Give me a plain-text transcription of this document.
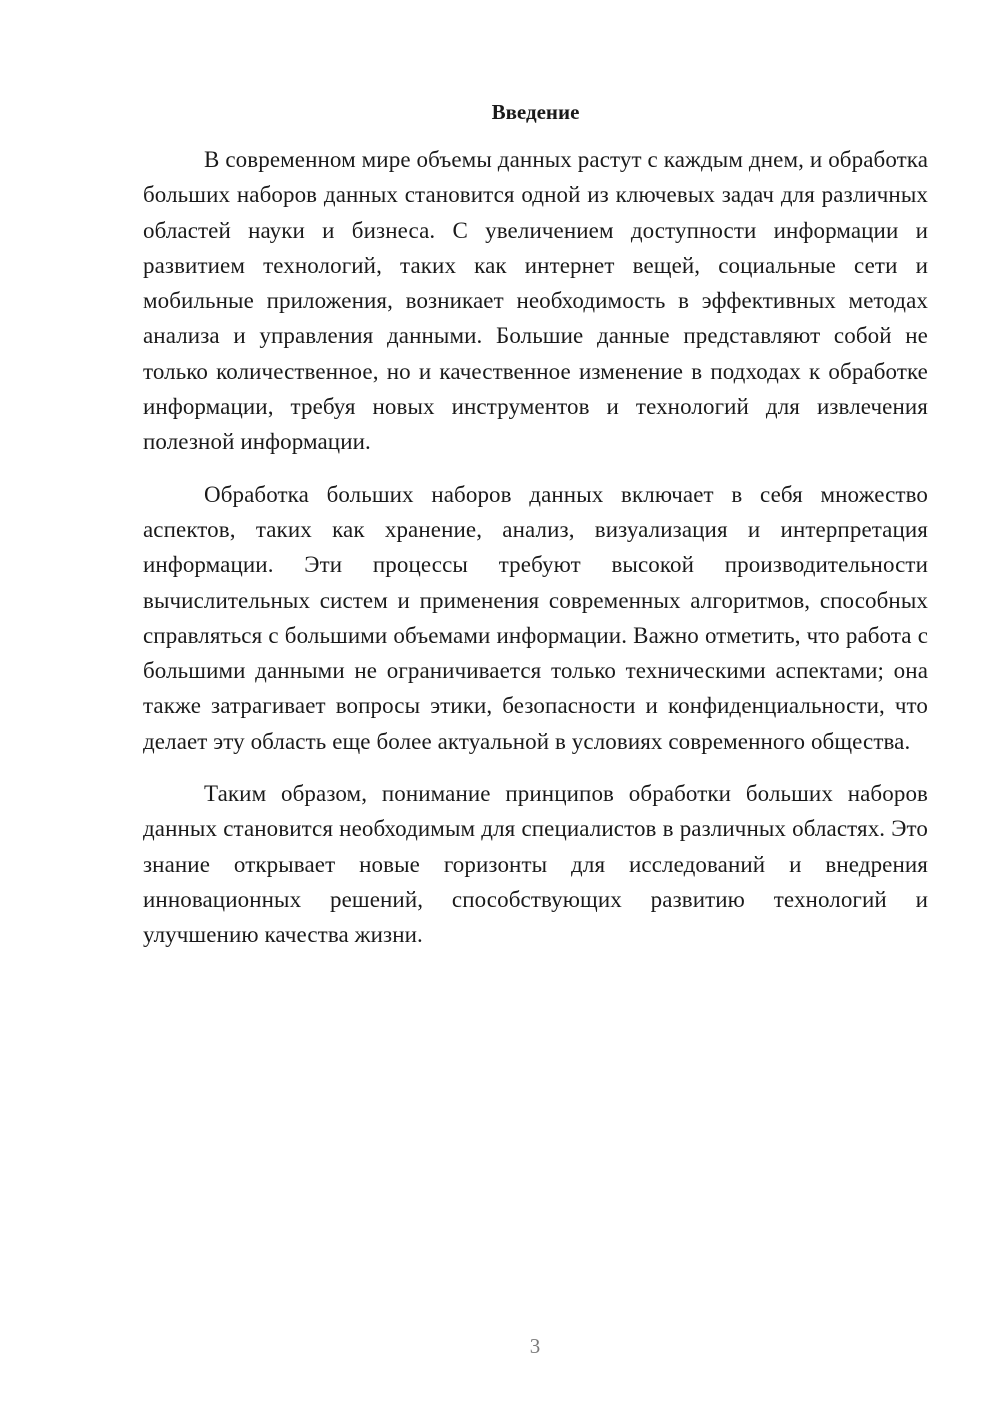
Введение

В современном мире объемы данных растут с каждым днем, и обработка больших наборов данных становится одной из ключевых задач для различных областей науки и бизнеса. С увеличением доступности информации и развитием технологий, таких как интернет вещей, социальные сети и мобильные приложения, возникает необходимость в эффективных методах анализа и управления данными. Большие данные представляют собой не только количественное, но и качественное изменение в подходах к обработке информации, требуя новых инструментов и технологий для извлечения полезной информации.

Обработка больших наборов данных включает в себя множество аспектов, таких как хранение, анализ, визуализация и интерпретация информации. Эти процессы требуют высокой производительности вычислительных систем и применения современных алгоритмов, способных справляться с большими объемами информации. Важно отметить, что работа с большими данными не ограничивается только техническими аспектами; она также затрагивает вопросы этики, безопасности и конфиденциальности, что делает эту область еще более актуальной в условиях современного общества.

Таким образом, понимание принципов обработки больших наборов данных становится необходимым для специалистов в различных областях. Это знание открывает новые горизонты для исследований и внедрения инновационных решений, способствующих развитию технологий и улучшению качества жизни.

3
